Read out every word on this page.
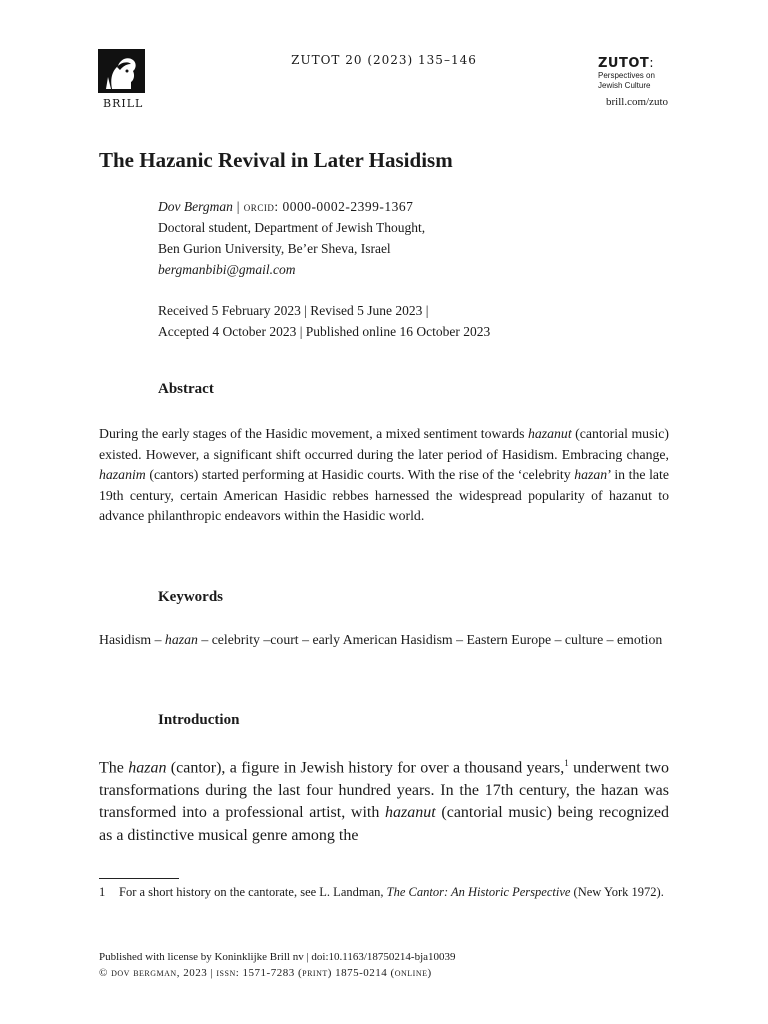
BRILL
ZUTOT 20 (2023) 135–146	ZUTOT:
Perspectives on
Jewish Culture
brill.com/zuto
The Hazanic Revival in Later Hasidism
Dov Bergman | orcid: 0000-0002-2399-1367
Doctoral student, Department of Jewish Thought,
Ben Gurion University, Be’er Sheva, Israel
bergmanbibi@gmail.com
Received 5 February 2023 | Revised 5 June 2023 |
Accepted 4 October 2023 | Published online 16 October 2023
Abstract
During the early stages of the Hasidic movement, a mixed sentiment towards hazanut (cantorial music) existed. However, a significant shift occurred during the later period of Hasidism. Embracing change, hazanim (cantors) started performing at Hasidic courts. With the rise of the ‘celebrity hazan’ in the late 19th century, certain American Hasidic rebbes harnessed the widespread popularity of hazanut to advance philanthropic endeavors within the Hasidic world.
Keywords
Hasidism – hazan – celebrity –court – early American Hasidism – Eastern Europe – culture – emotion
Introduction
The hazan (cantor), a figure in Jewish history for over a thousand years,$^1$ underwent two transformations during the last four hundred years. In the 17th century, the hazan was transformed into a professional artist, with hazanut (cantorial music) being recognized as a distinctive musical genre among the
1 For a short history on the cantorate, see L. Landman, The Cantor: An Historic Perspective (New York 1972).
Published with license by Koninklijke Brill nv | doi:10.1163/18750214-bja10039
© dov bergman, 2023 | issn: 1571-7283 (print) 1875-0214 (online)
